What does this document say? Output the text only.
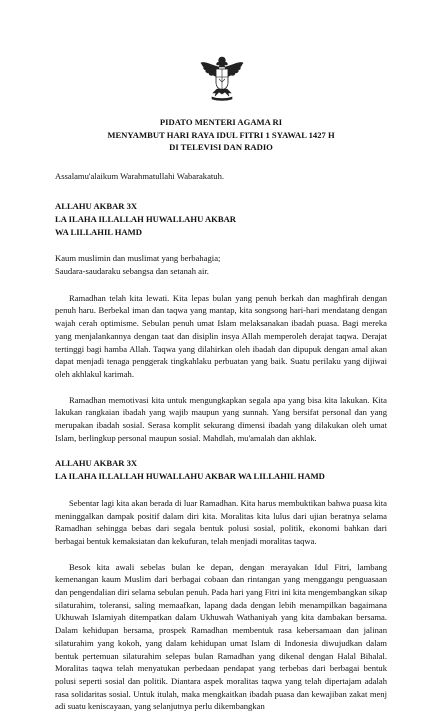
PIDATO MENTERI AGAMA RI
MENYAMBUT HARI RAYA IDUL FITRI 1 SYAWAL 1427 H
DI TELEVISI DAN RADIO

Assalamu'alaikum Warahmatullahi Wabarakatuh.

ALLAHU AKBAR 3X

LA ILAHA ILLALLAH HUWALLAHU AKBAR

WA LILLAHIL HAMD

Kaum muslimin dan muslimat yang berbahagia;

Saudara-saudaraku sebangsa dan setanah air.

Ramadhan telah kita lewati. Kita lepas bulan yang penuh berkah dan maghfirah dengan penuh haru. Berbekal iman dan taqwa yang mantap, kita songsong hari-hari mendatang dengan wajah cerah optimisme. Sebulan penuh umat Islam melaksanakan ibadah puasa. Bagi mereka yang menjalankannya dengan taat dan disiplin insya Allah memperoleh derajat taqwa. Derajat tertinggi bagi hamba Allah. Taqwa yang dilahirkan oleh ibadah dan dipupuk dengan amal akan dapat menjadi tenaga penggerak tingkahlaku perbuatan yang baik. Suatu perilaku yang dijiwai oleh akhlakul karimah.

Ramadhan memotivasi kita untuk mengungkapkan segala apa yang bisa kita lakukan. Kita lakukan rangkaian ibadah yang wajib maupun yang sunnah. Yang bersifat personal dan yang merupakan ibadah sosial. Serasa komplit sekurang dimensi ibadah yang dilakukan oleh umat Islam, berlingkup personal maupun sosial. Mahdlah, mu'amalah dan akhlak.

ALLAHU AKBAR 3X

LA ILAHA ILLALLAH HUWALLAHU AKBAR WA LILLAHIL HAMD

Sebentar lagi kita akan berada di luar Ramadhan. Kita harus membuktikan bahwa puasa kita meninggalkan dampak positif dalam diri kita. Moralitas kita lulus dari ujian beratnya selama Ramadhan sehingga bebas dari segala bentuk polusi sosial, politik, ekonomi bahkan dari berbagai bentuk kemaksiatan dan kekufuran, telah menjadi moralitas taqwa.

Besok kita awali sebelas bulan ke depan, dengan merayakan Idul Fitri, lambang kemenangan kaum Muslim dari berbagai cobaan dan rintangan yang menggangu penguasaan dan pengendalian diri selama sebulan penuh. Pada hari yang Fitri ini kita mengembangkan sikap silaturahim, toleransi, saling memaafkan, lapang dada dengan lebih menampilkan bagaimana Ukhuwah Islamiyah ditempatkan dalam Ukhuwah Wathaniyah yang kita dambakan bersama. Dalam kehidupan bersama, prospek Ramadhan membentuk rasa kebersamaan dan jalinan silaturahim yang kokoh, yang dalam kehidupan umat Islam di Indonesia diwujudkan dalam bentuk pertemuan silaturahim selepas bulan Ramadhan yang dikenal dengan Halal Bihalal. Moralitas taqwa telah menyatukan perbedaan pendapat yang terbebas dari berbagai bentuk polusi seperti sosial dan politik. Diantara aspek moralitas taqwa yang telah dipertajam adalah rasa solidaritas sosial. Untuk itulah, maka mengkaitkan ibadah puasa dan kewajiban zakat menj adi suatu keniscayaan, yang selanjutnya perlu dikembangkan
